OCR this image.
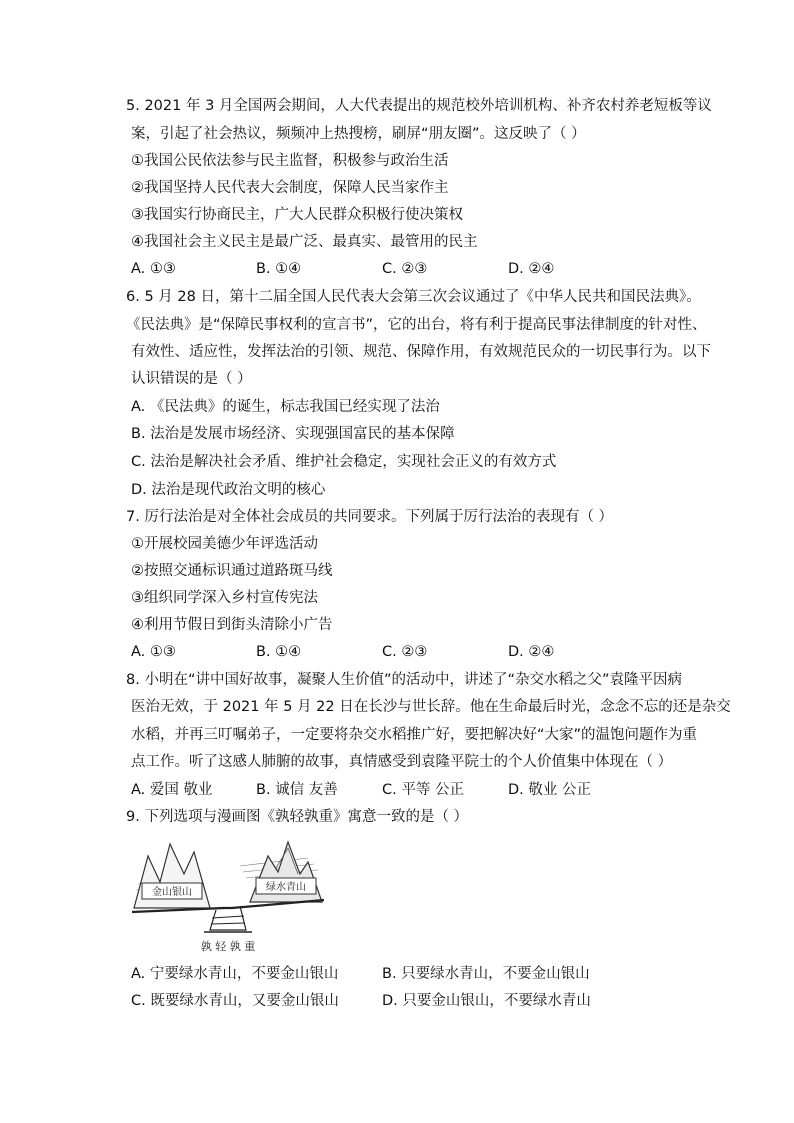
5. 2021 年 3 月全国两会期间，人大代表提出的规范校外培训机构、补齐农村养老短板等议
案，引起了社会热议，频频冲上热搜榜，刷屏“朋友圈”。这反映了（ ）
①我国公民依法参与民主监督，积极参与政治生活
②我国坚持人民代表大会制度，保障人民当家作主
③我国实行协商民主，广大人民群众积极行使决策权
④我国社会主义民主是最广泛、最真实、最管用的民主
A. ①③	B. ①④	C. ②③	D. ②④
6. 5 月 28 日，第十二届全国人民代表大会第三次会议通过了《中华人民共和国民法典》。
《民法典》是“保障民事权利的宣言书”，它的出台，将有利于提高民事法律制度的针对性、
有效性、适应性，发挥法治的引领、规范、保障作用，有效规范民众的一切民事行为。以下
认识错误的是（ ）
A. 《民法典》的诞生，标志我国已经实现了法治
B. 法治是发展市场经济、实现强国富民的基本保障
C. 法治是解决社会矛盾、维护社会稳定，实现社会正义的有效方式
D. 法治是现代政治文明的核心
7. 厉行法治是对全体社会成员的共同要求。下列属于厉行法治的表现有（ ）
①开展校园美德少年评选活动
②按照交通标识通过道路斑马线
③组织同学深入乡村宣传宪法
④利用节假日到街头清除小广告
A. ①③	B. ①④	C. ②③	D. ②④
8. 小明在“讲中国好故事，凝聚人生价值”的活动中，讲述了“杂交水稻之父”袁隆平因病
医治无效，于 2021 年 5 月 22 日在长沙与世长辞。他在生命最后时光，念念不忘的还是杂交
水稻，并再三叮嘱弟子，一定要将杂交水稻推广好，要把解决好“大家”的温饱问题作为重
点工作。听了这感人肺腑的故事，真情感受到袁隆平院士的个人价值集中体现在（ ）
A. 爱国 敬业	B. 诚信 友善	C. 平等 公正	D. 敬业 公正
9. 下列选项与漫画图《孰轻孰重》寓意一致的是（ ）
金山银山	绿水青山
孰 轻 孰 重
A. 宁要绿水青山，不要金山银山	B. 只要绿水青山，不要金山银山
C. 既要绿水青山，又要金山银山	D. 只要金山银山，不要绿水青山
